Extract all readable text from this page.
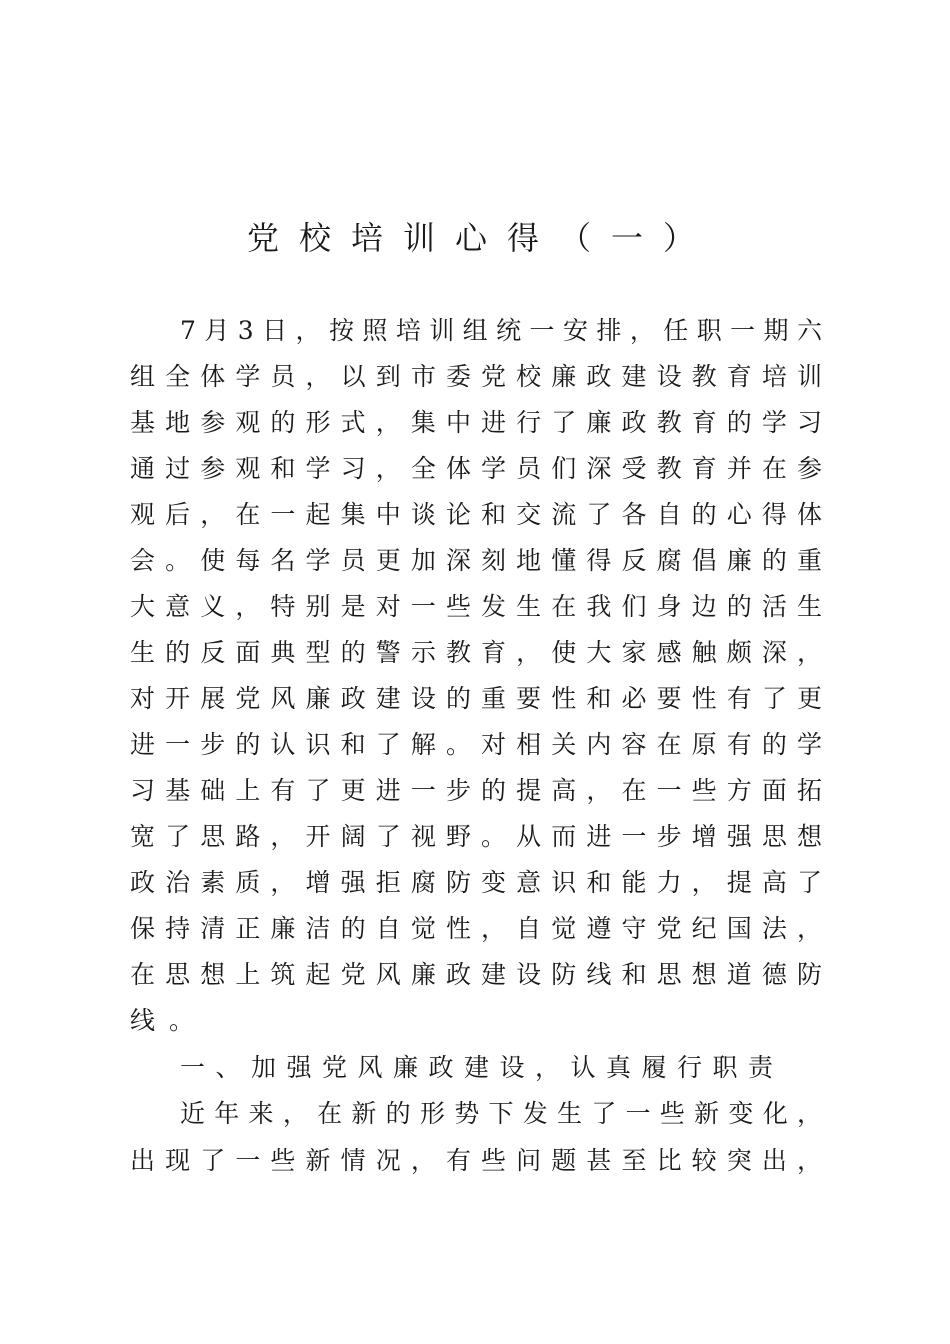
党校培训心得（一）

7月3日，按照培训组统一安排，任职一期六

组全体学员，以到市委党校廉政建设教育培训

基地参观的形式，集中进行了廉政教育的学习

通过参观和学习，全体学员们深受教育并在参

观后，在一起集中谈论和交流了各自的心得体

会。使每名学员更加深刻地懂得反腐倡廉的重

大意义，特别是对一些发生在我们身边的活生

生的反面典型的警示教育，使大家感触颇深，

对开展党风廉政建设的重要性和必要性有了更

进一步的认识和了解。对相关内容在原有的学

习基础上有了更进一步的提高，在一些方面拓

宽了思路，开阔了视野。从而进一步增强思想

政治素质，增强拒腐防变意识和能力，提高了

保持清正廉洁的自觉性，自觉遵守党纪国法，

在思想上筑起党风廉政建设防线和思想道德防

线。

一、加强党风廉政建设，认真履行职责

近年来，在新的形势下发生了一些新变化，

出现了一些新情况，有些问题甚至比较突出，
